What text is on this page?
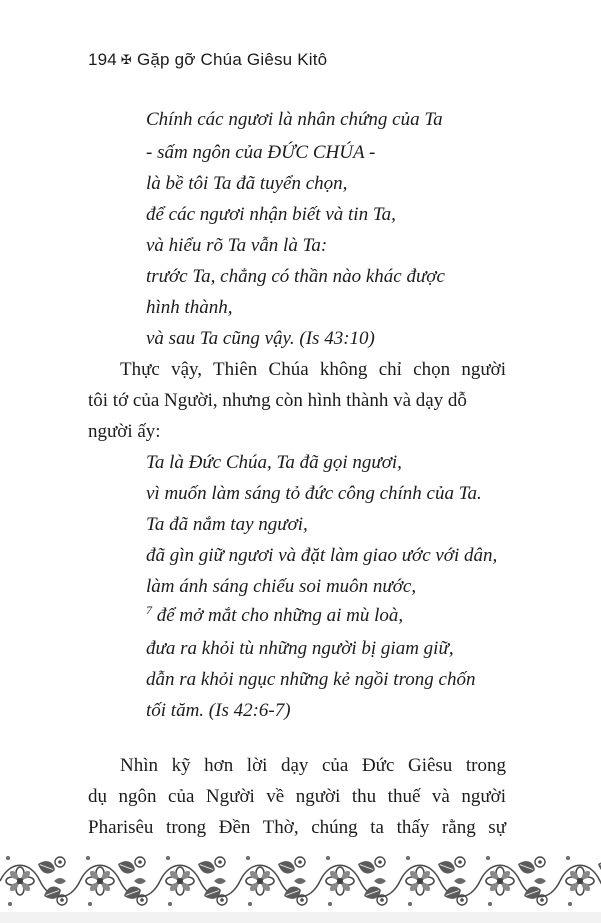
194 ✠ Gặp gỡ Chúa Giêsu Kitô
Chính các ngươi là nhân chứng của Ta
- sấm ngôn của ĐỨC CHÚA -
là bề tôi Ta đã tuyển chọn,
để các ngươi nhận biết và tin Ta,
và hiểu rõ Ta vẫn là Ta:
trước Ta, chẳng có thần nào khác được
hình thành,
và sau Ta cũng vậy. (Is 43:10)
Thực vậy, Thiên Chúa không chỉ chọn người
tôi tớ của Người, nhưng còn hình thành và dạy dỗ
người ấy:
Ta là Đức Chúa, Ta đã gọi ngươi,
vì muốn làm sáng tỏ đức công chính của Ta.
Ta đã nắm tay ngươi,
đã gìn giữ ngươi và đặt làm giao ước với dân,
làm ánh sáng chiếu soi muôn nước,
$^7$ để mở mắt cho những ai mù loà,
đưa ra khỏi tù những người bị giam giữ,
dẫn ra khỏi ngục những kẻ ngồi trong chốn
tối tăm. (Is 42:6-7)
Nhìn kỹ hơn lời dạy của Đức Giêsu trong
dụ ngôn của Người về người thu thuế và người
Pharisêu trong Đền Thờ, chúng ta thấy rằng sự
